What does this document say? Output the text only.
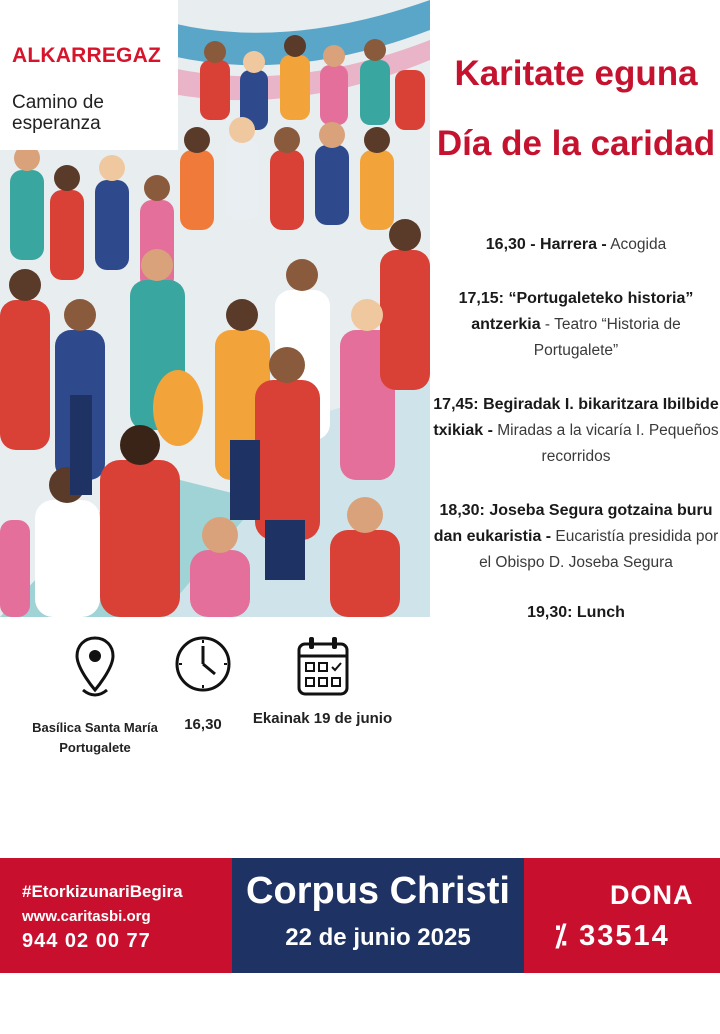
ALKARREGAZ
Camino de esperanza
Karitate eguna
Día de la caridad
16,30 - Harrera - Acogida
17,15: “Portugaleteko historia” antzerkia - Teatro “Historia de Portugalete”
17,45: Begiradak I. bikaritzara Ibilbide txikiak - Miradas a la vicaría I. Pequeños recorridos
18,30: Joseba Segura gotzaina buru dan eukaristia - Eucaristía presidida por el Obispo D. Joseba Segura
19,30: Lunch
Basílica Santa María
Portugalete
16,30	Ekainak 19 de junio
#EtorkizunariBegira
www.caritasbi.org
944 02 00 77
Corpus Christi
22 de junio 2025
DONA
⁒ 33514
